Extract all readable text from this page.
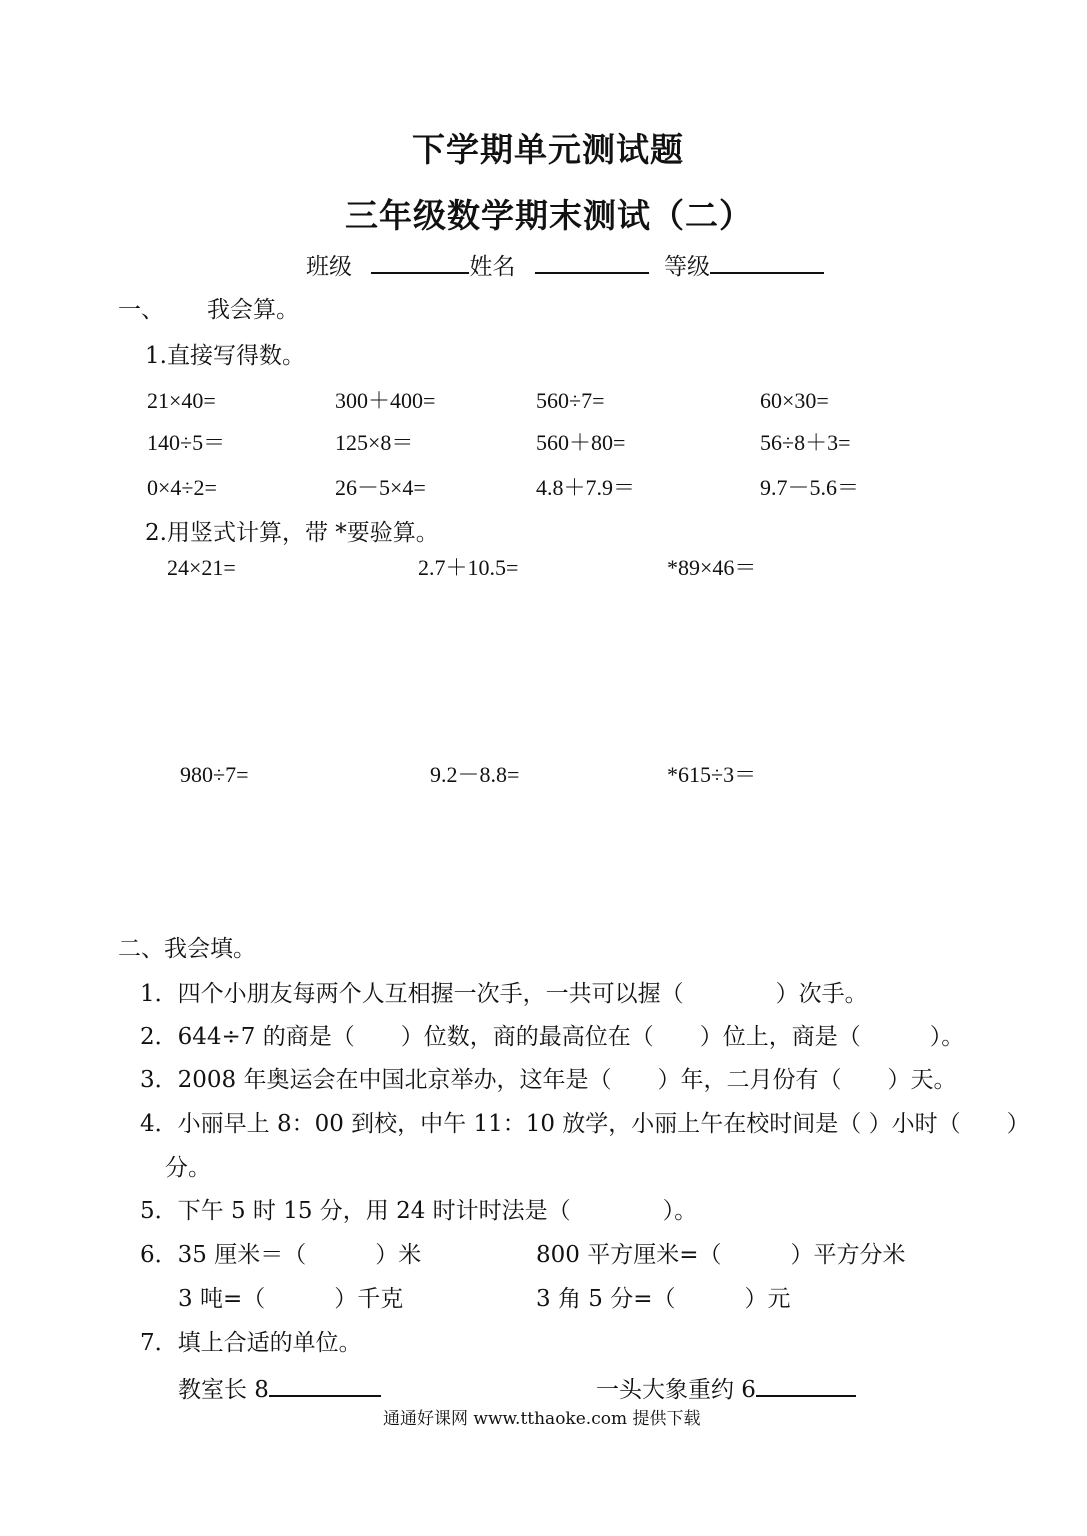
下学期单元测试题
三年级数学期末测试（二）
班级	姓名	等级
一、 我会算。
1.直接写得数。
21×40=	300＋400=	560÷7=	60×30=
140÷5＝	125×8＝	560＋80=	56÷8＋3=
0×4÷2=	26－5×4=	4.8＋7.9＝	9.7－5.6＝
2.用竖式计算，带 *要验算。
24×21=	2.7＋10.5=	*89×46＝
980÷7=	9.2－8.8=	*615÷3＝
二、我会填。
1．四个小朋友每两个人互相握一次手，一共可以握（　　　　）次手。
2．644÷7 的商是（　　）位数，商的最高位在（　　）位上，商是（　　　）。
3．2008 年奥运会在中国北京举办，这年是（　　）年，二月份有（　　）天。
4．小丽早上 8：00 到校，中午 11：10 放学，小丽上午在校时间是（ ）小时（　　）
分。
5．下午 5 时 15 分，用 24 时计时法是（　　　　）。
6．35 厘米＝（　　　）米	800 平方厘米=（　　　）平方分米
3 吨=（　　　）千克	3 角 5 分=（　　　）元
7．填上合适的单位。
教室长 8	一头大象重约 6
通通好课网 www.tthaoke.com 提供下载
